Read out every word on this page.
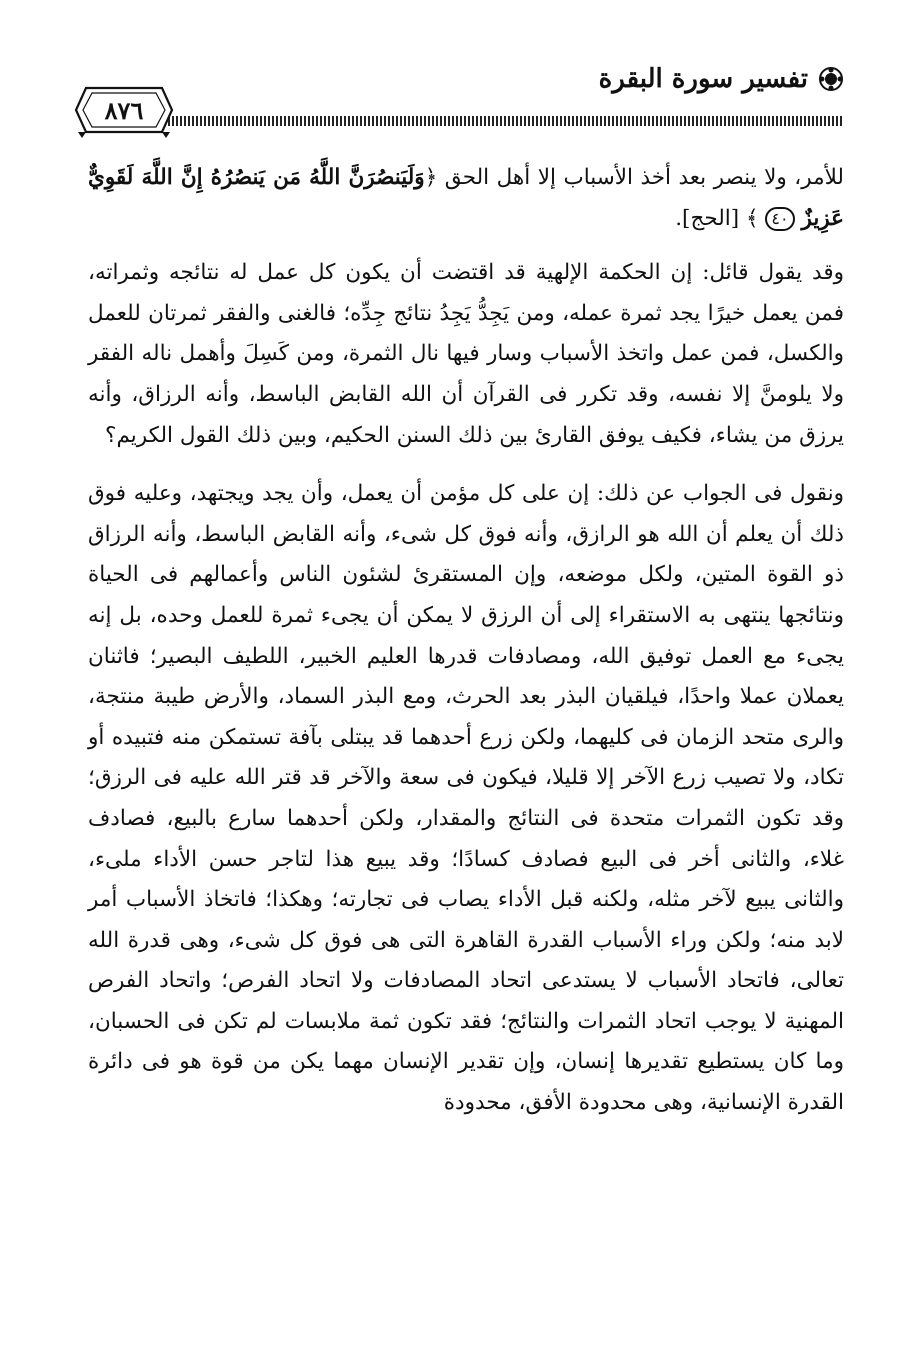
تفسير سورة البقرة
٨٧٦

للأمر، ولا ينصر بعد أخذ الأسباب إلا أهل الحق ﴿وَلَيَنصُرَنَّ اللَّهُ مَن يَنصُرُهُ إِنَّ اللَّهَ لَقَوِيٌّ عَزِيزٌ ٤٠ ﴾ [الحج].

وقد يقول قائل: إن الحكمة الإلهية قد اقتضت أن يكون كل عمل له نتائجه وثمراته، فمن يعمل خيرًا يجد ثمرة عمله، ومن يَجِدُّ يَجِدُ نتائج جِدِّه؛ فالغنى والفقر ثمرتان للعمل والكسل، فمن عمل واتخذ الأسباب وسار فيها نال الثمرة، ومن كَسِلَ وأهمل ناله الفقر ولا يلومنَّ إلا نفسه، وقد تكرر فى القرآن أن الله القابض الباسط، وأنه الرزاق، وأنه يرزق من يشاء، فكيف يوفق القارئ بين ذلك السنن الحكيم، وبين ذلك القول الكريم؟

ونقول فى الجواب عن ذلك: إن على كل مؤمن أن يعمل، وأن يجد ويجتهد، وعليه فوق ذلك أن يعلم أن الله هو الرازق، وأنه فوق كل شىء، وأنه القابض الباسط، وأنه الرزاق ذو القوة المتين، ولكل موضعه، وإن المستقرئ لشئون الناس وأعمالهم فى الحياة ونتائجها ينتهى به الاستقراء إلى أن الرزق لا يمكن أن يجىء ثمرة للعمل وحده، بل إنه يجىء مع العمل توفيق الله، ومصادفات قدرها العليم الخبير، اللطيف البصير؛ فاثنان يعملان عملا واحدًا، فيلقيان البذر بعد الحرث، ومع البذر السماد، والأرض طيبة منتجة، والرى متحد الزمان فى كليهما، ولكن زرع أحدهما قد يبتلى بآفة تستمكن منه فتبيده أو تكاد، ولا تصيب زرع الآخر إلا قليلا، فيكون فى سعة والآخر قد قتر الله عليه فى الرزق؛ وقد تكون الثمرات متحدة فى النتائج والمقدار، ولكن أحدهما سارع بالبيع، فصادف غلاء، والثانى أخر فى البيع فصادف كسادًا؛ وقد يبيع هذا لتاجر حسن الأداء ملىء، والثانى يبيع لآخر مثله، ولكنه قبل الأداء يصاب فى تجارته؛ وهكذا؛ فاتخاذ الأسباب أمر لابد منه؛ ولكن وراء الأسباب القدرة القاهرة التى هى فوق كل شىء، وهى قدرة الله تعالى، فاتحاد الأسباب لا يستدعى اتحاد المصادفات ولا اتحاد الفرص؛ واتحاد الفرص المهنية لا يوجب اتحاد الثمرات والنتائج؛ فقد تكون ثمة ملابسات لم تكن فى الحسبان، وما كان يستطيع تقديرها إنسان، وإن تقدير الإنسان مهما يكن من قوة هو فى دائرة القدرة الإنسانية، وهى محدودة الأفق، محدودة
